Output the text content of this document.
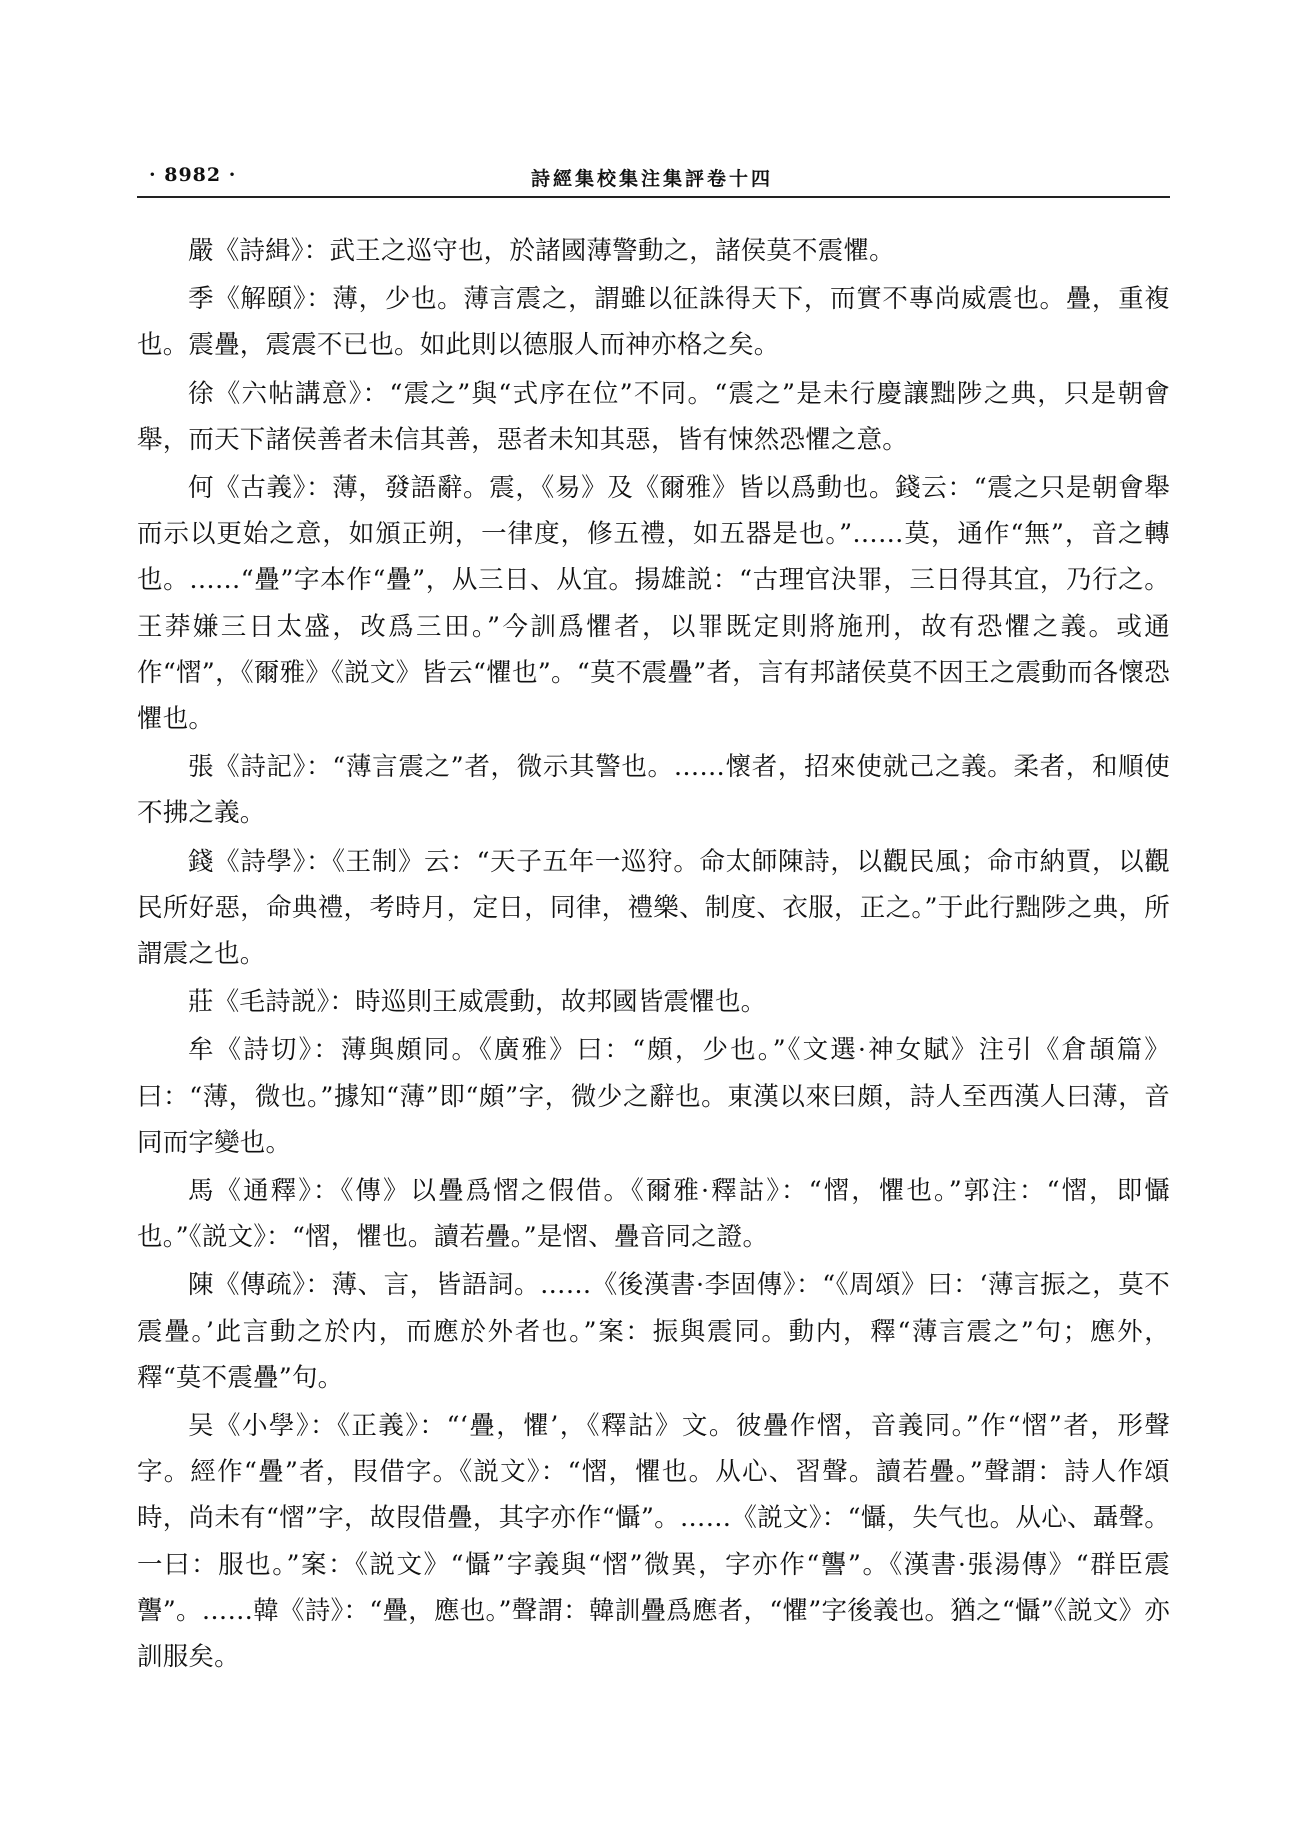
· 8982 ·	詩經集校集注集評卷十四

嚴《詩緝》：武王之巡守也，於諸國薄警動之，諸侯莫不震懼。

季《解頤》：薄，少也。薄言震之，謂雖以征誅得天下，而實不專尚威震也。疊，重複也。震疊，震震不已也。如此則以德服人而神亦格之矣。

徐《六帖講意》：“震之”與“式序在位”不同。“震之”是未行慶讓黜陟之典，只是朝會舉，而天下諸侯善者未信其善，惡者未知其惡，皆有悚然恐懼之意。

何《古義》：薄，發語辭。震，《易》及《爾雅》皆以爲動也。錢云：“震之只是朝會舉而示以更始之意，如頒正朔，一律度，修五禮，如五器是也。”……莫，通作“無”，音之轉也。……“疊”字本作“疊”，从三日、从宜。揚雄説：“古理官決罪，三日得其宜，乃行之。王莽嫌三日太盛，改爲三田。”今訓爲懼者，以罪既定則將施刑，故有恐懼之義。或通作“慴”，《爾雅》《説文》皆云“懼也”。“莫不震疊”者，言有邦諸侯莫不因王之震動而各懷恐懼也。

張《詩記》：“薄言震之”者，微示其警也。……懷者，招來使就己之義。柔者，和順使不拂之義。

錢《詩學》：《王制》云：“天子五年一巡狩。命太師陳詩，以觀民風；命市納賈，以觀民所好惡，命典禮，考時月，定日，同律，禮樂、制度、衣服，正之。”于此行黜陟之典，所謂震之也。

莊《毛詩説》：時巡則王威震動，故邦國皆震懼也。

牟《詩切》：薄與頗同。《廣雅》曰：“頗，少也。”《文選·神女賦》注引《倉頡篇》曰：“薄，微也。”據知“薄”即“頗”字，微少之辭也。東漢以來曰頗，詩人至西漢人曰薄，音同而字變也。

馬《通釋》：《傳》以疊爲慴之假借。《爾雅·釋詁》：“慴，懼也。”郭注：“慴，即懾也。”《説文》：“慴，懼也。讀若疊。”是慴、疊音同之證。

陳《傳疏》：薄、言，皆語詞。……《後漢書·李固傳》：“《周頌》曰：‘薄言振之，莫不震疊。’此言動之於内，而應於外者也。”案：振與震同。動内，釋“薄言震之”句；應外，釋“莫不震疊”句。

吴《小學》：《正義》：“‘疊，懼’，《釋詁》文。彼疊作慴，音義同。”作“慴”者，形聲字。經作“疊”者，叚借字。《説文》：“慴，懼也。从心、習聲。讀若疊。”聲謂：詩人作頌時，尚未有“慴”字，故叚借疊，其字亦作“懾”。……《説文》：“懾，失气也。从心、聶聲。一曰：服也。”案：《説文》“懾”字義與“慴”微異，字亦作“讋”。《漢書·張湯傳》“群臣震讋”。……韓《詩》：“疊，應也。”聲謂：韓訓疊爲應者，“懼”字後義也。猶之“懾”《説文》亦訓服矣。
